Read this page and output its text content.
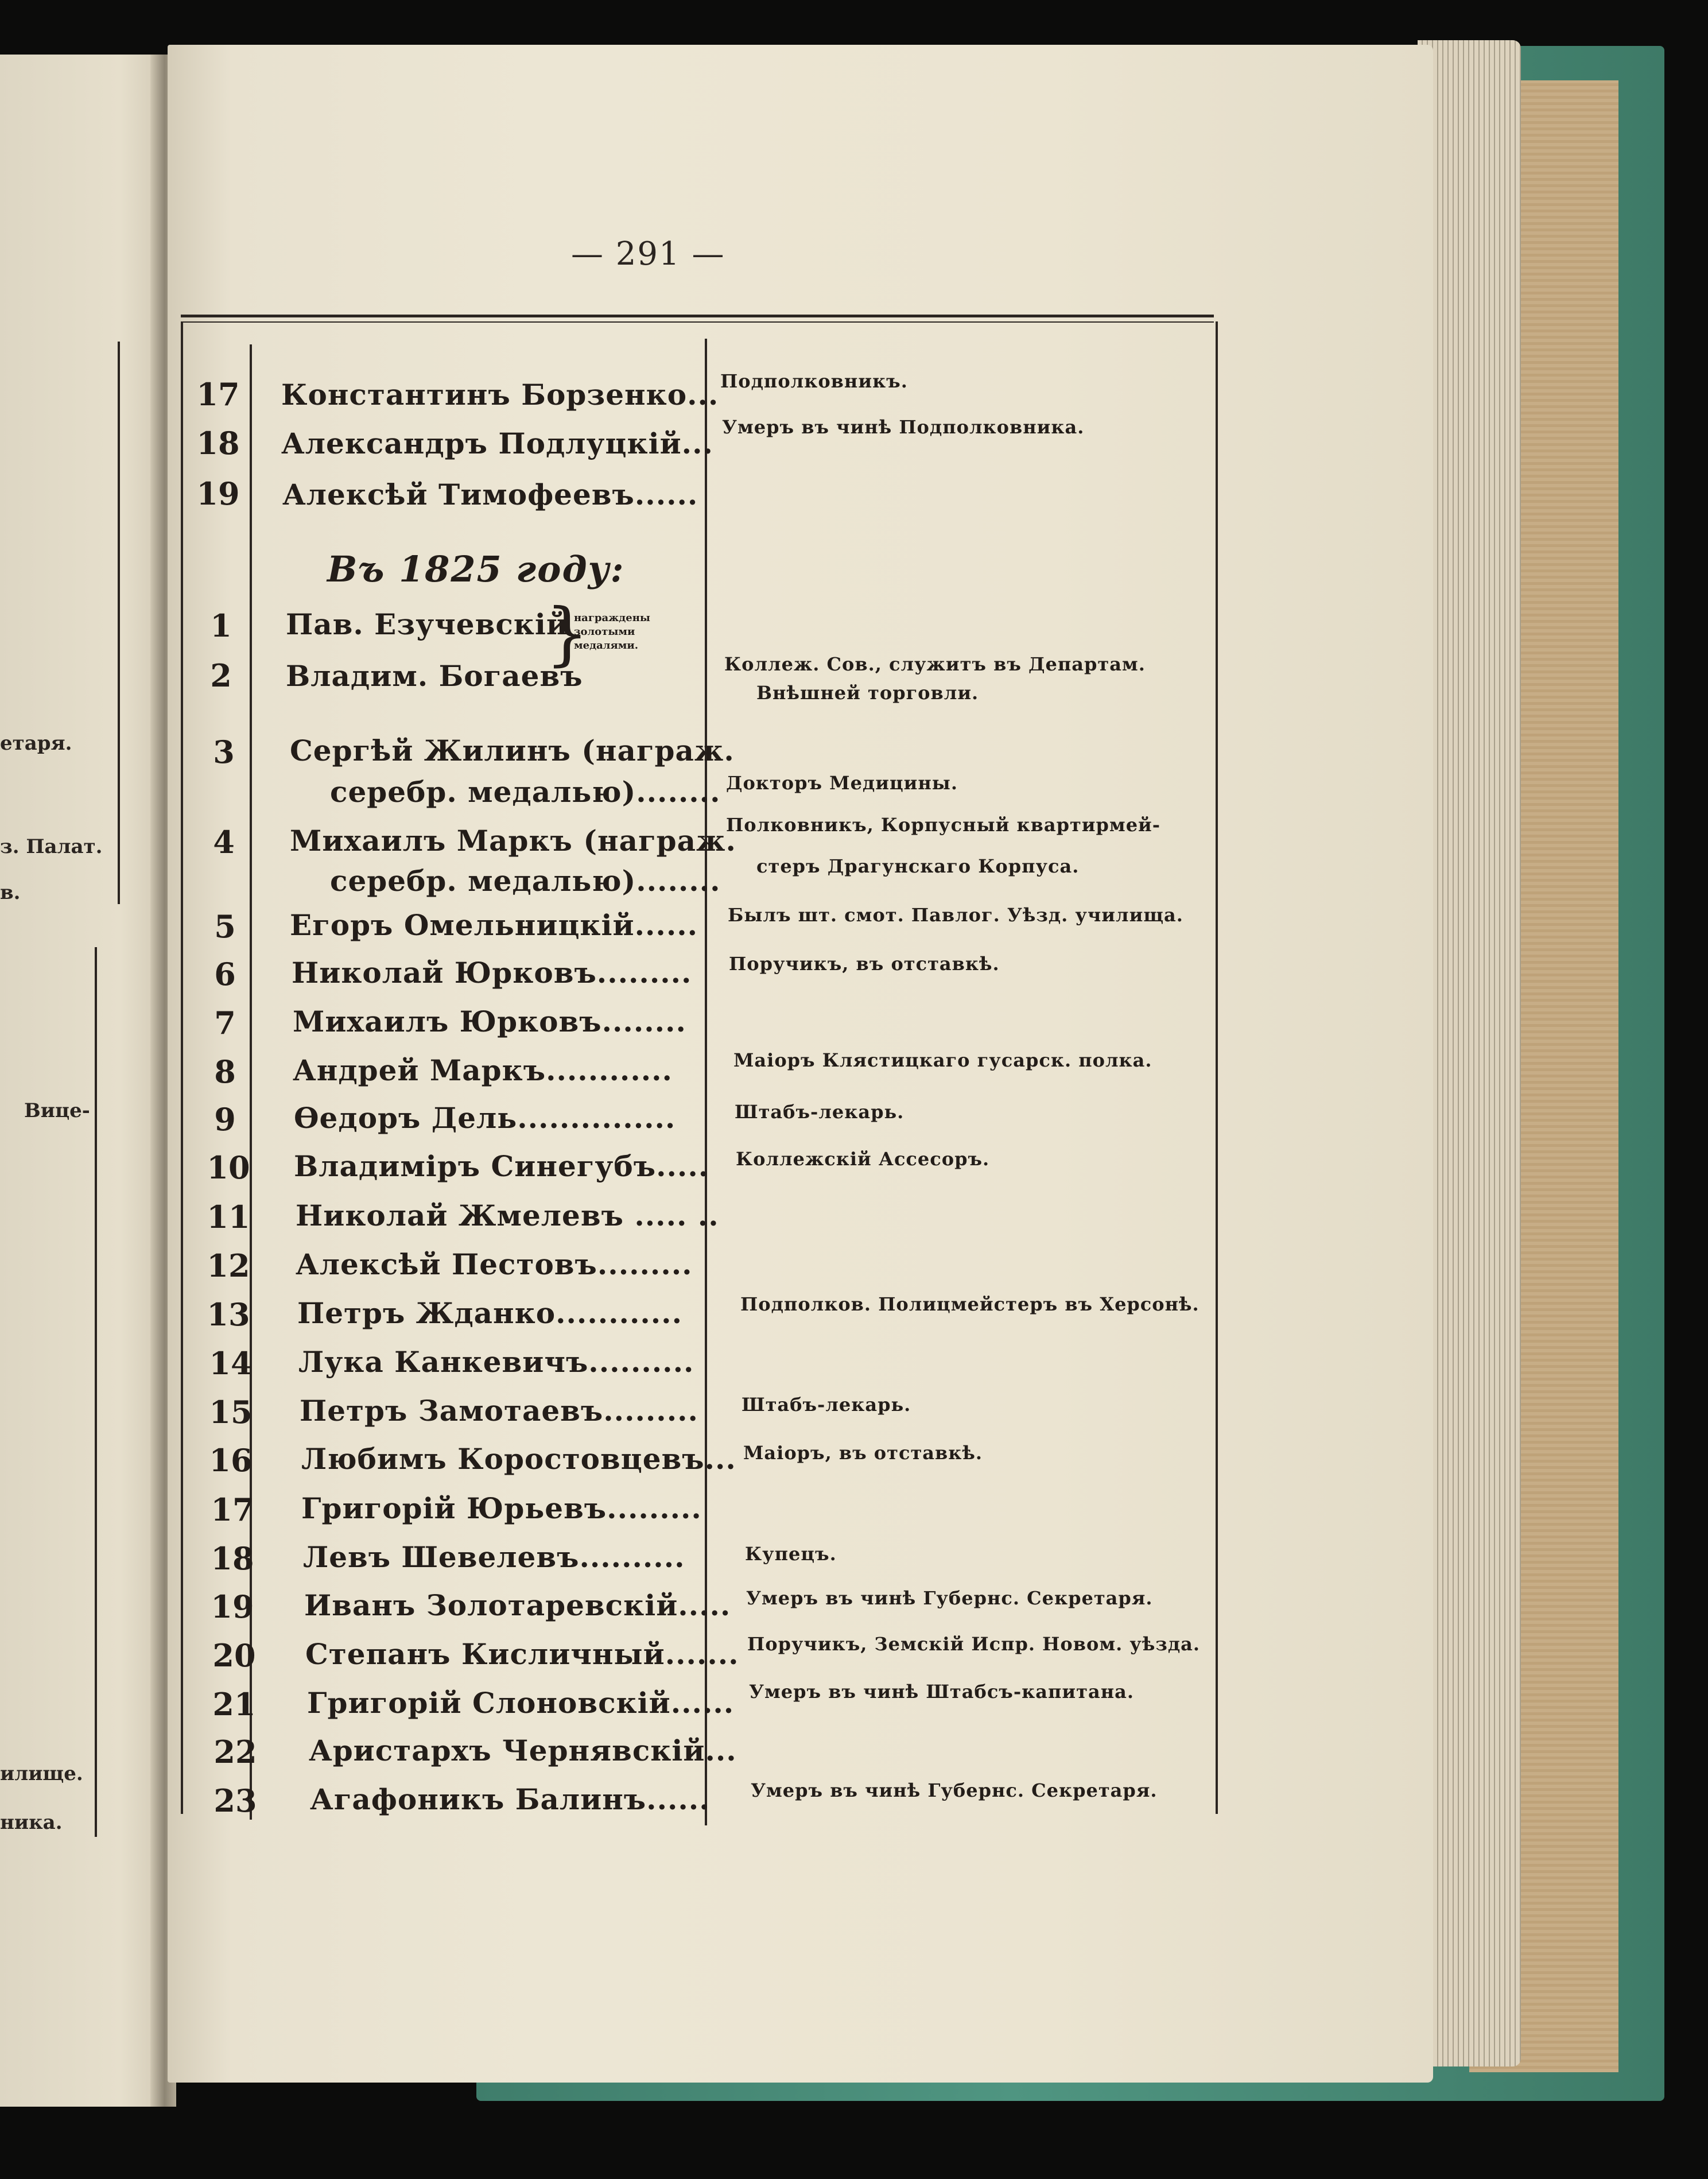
етаря.
з. Палат.
в.
Вице-
илище.
ника.
— 291 —
17	Константинъ Борзенко... Подполковникъ.
18	Александръ Подлуцкій... Умеръ въ чинѣ Подполковника.
19	Алексѣй Тимофеевъ......
Въ 1825 году:
1	Пав. Езучевскій
2	Владим. Богаевъ	Коллеж. Сов., служитъ въ Департам.
Внѣшней торговли.
}
награждены
золотыми
медалями.
3	Сергѣй Жилинъ (награж.
серебр. медалью)........ Докторъ Медицины.
4	Михаилъ Маркъ (награж.
серебр. медалью)........
Полковникъ, Корпусный квартирмей-
стеръ Драгунскаго Корпуса.
5	Егоръ Омельницкій...... Былъ шт. смот. Павлог. Уѣзд. училища.
6	Николай Юрковъ......... Поручикъ, въ отставкѣ.
7	Михаилъ Юрковъ........
8	Андрей Маркъ............	Маіоръ Клястицкаго гусарск. полка.
9	Өедоръ Дель...............	Штабъ-лекарь.
10	Владиміръ Синегубъ..... Коллежскій Ассесоръ.
11	Николай Жмелевъ ..... ..
12	Алексѣй Пестовъ.........
13	Петръ Жданко............	Подполков. Полицмейстеръ въ Херсонѣ.
14	Лука Канкевичъ..........
15	Петръ Замотаевъ......... Штабъ-лекарь.
16	Любимъ Коростовцевъ... Маіоръ, въ отставкѣ.
17	Григорій Юрьевъ.........
18	Левъ Шевелевъ..........	Купецъ.
19	Иванъ Золотаревскій..... Умеръ въ чинѣ Губернс. Секретаря.
20	Степанъ Кисличный....... Поручикъ, Земскій Испр. Новом. уѣзда.
21	Григорій Слоновскій...... Умеръ въ чинѣ Штабсъ-капитана.
22	Аристархъ Чернявскій...
23	Агафоникъ Балинъ...... Умеръ въ чинѣ Губернс. Секретаря.
